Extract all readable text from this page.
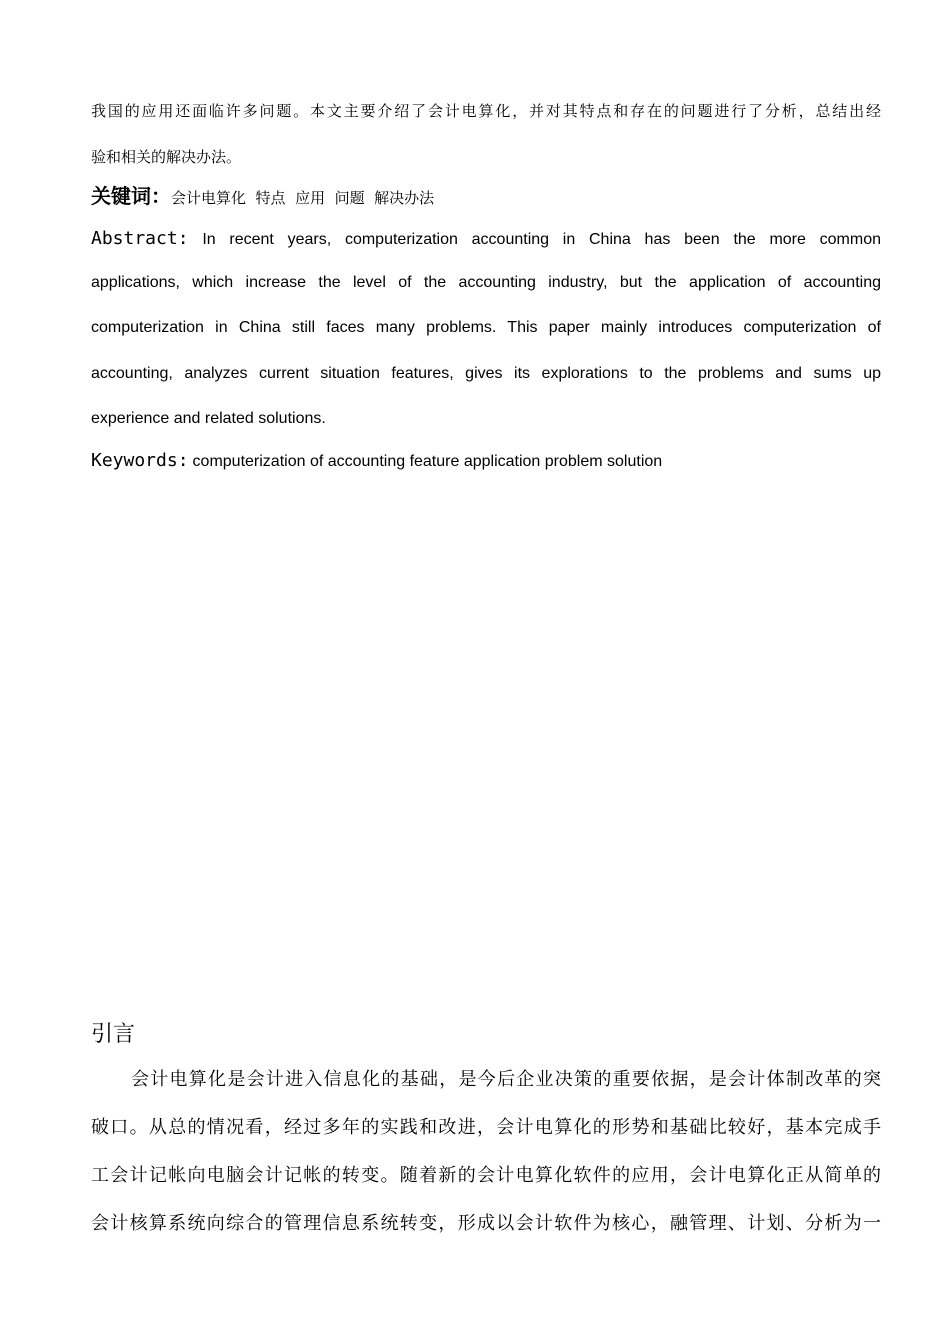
我国的应用还面临许多问题。本文主要介绍了会计电算化，并对其特点和存在的问题进行了分析，总结出经

验和相关的解决办法。

关键词：会计电算化  特点  应用  问题  解决办法

Abstract: In recent years, computerization accounting in China has been the more common

applications, which increase the level of the accounting industry, but the application of accounting

computerization in China still faces many problems. This paper mainly introduces computerization of

accounting, analyzes current situation features, gives its explorations to the problems and sums up

experience and related solutions.

Keywords: computerization of accounting feature application problem solution

引言

会计电算化是会计进入信息化的基础，是今后企业决策的重要依据，是会计体制改革的突

破口。从总的情况看，经过多年的实践和改进，会计电算化的形势和基础比较好，基本完成手

工会计记帐向电脑会计记帐的转变。随着新的会计电算化软件的应用，会计电算化正从简单的

会计核算系统向综合的管理信息系统转变，形成以会计软件为核心，融管理、计划、分析为一
